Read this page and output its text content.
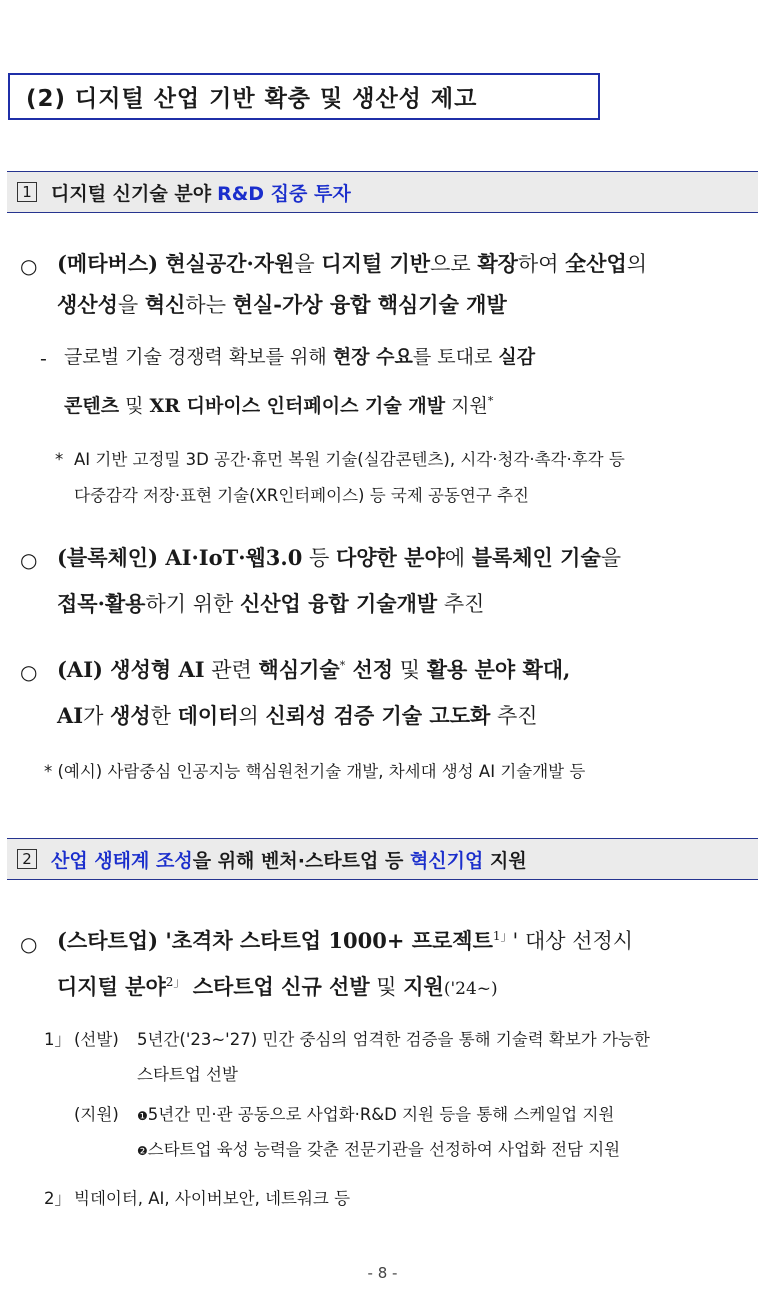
(2) 디지털 산업 기반 확충 및 생산성 제고
1 디지털 신기술 분야 R&D 집중 투자
○ (메타버스) 현실공간·자원을 디지털 기반으로 확장하여 全산업의
생산성을 혁신하는 현실-가상 융합 핵심기술 개발
- 글로벌 기술 경쟁력 확보를 위해 현장 수요를 토대로 실감
콘텐츠 및 XR 디바이스 인터페이스 기술 개발 지원*
* AI 기반 고정밀 3D 공간·휴먼 복원 기술(실감콘텐츠), 시각·청각·촉각·후각 등
다중감각 저장·표현 기술(XR인터페이스) 등 국제 공동연구 추진
○ (블록체인) AI·IoT·웹3.0 등 다양한 분야에 블록체인 기술을
접목·활용하기 위한 신산업 융합 기술개발 추진
○ (AI) 생성형 AI 관련 핵심기술* 선정 및 활용 분야 확대,
AI가 생성한 데이터의 신뢰성 검증 기술 고도화 추진
* (예시) 사람중심 인공지능 핵심원천기술 개발, 차세대 생성 AI 기술개발 등
2 산업 생태계 조성을 위해 벤처·스타트업 등 혁신기업 지원
○ (스타트업) '초격차 스타트업 1000+ 프로젝트$^{1」}$' 대상 선정시
디지털 분야$^{2」}$ 스타트업 신규 선발 및 지원('24~)
1」 (선발) 5년간('23~'27) 민간 중심의 엄격한 검증을 통해 기술력 확보가 가능한
스타트업 선발
(지원) ❶5년간 민·관 공동으로 사업화·R&D 지원 등을 통해 스케일업 지원
❷스타트업 육성 능력을 갖춘 전문기관을 선정하여 사업화 전담 지원
2」 빅데이터, AI, 사이버보안, 네트워크 등
- 8 -
